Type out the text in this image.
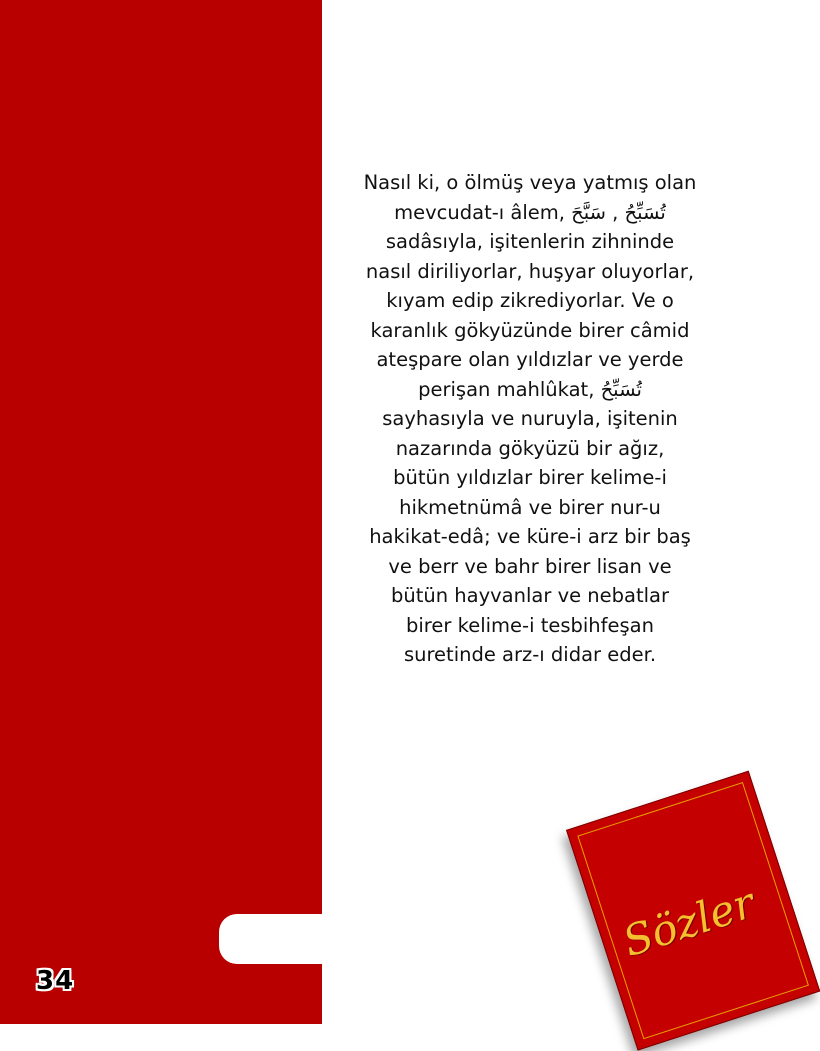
34
Nasıl ki, o ölmüş veya yatmış olan
mevcudat-ı âlem, تُسَبِّحُ , سَبَّحَ
sadâsıyla, işitenlerin zihninde
nasıl diriliyorlar, huşyar oluyorlar,
kıyam edip zikrediyorlar. Ve o
karanlık gökyüzünde birer câmid
ateşpare olan yıldızlar ve yerde
perişan mahlûkat, تُسَبِّحُ
sayhasıyla ve nuruyla, işitenin
nazarında gökyüzü bir ağız,
bütün yıldızlar birer kelime-i
hikmetnümâ ve birer nur-u
hakikat-edâ; ve küre-i arz bir baş
ve berr ve bahr birer lisan ve
bütün hayvanlar ve nebatlar
birer kelime-i tesbihfeşan
suretinde arz-ı didar eder.
Sözler
